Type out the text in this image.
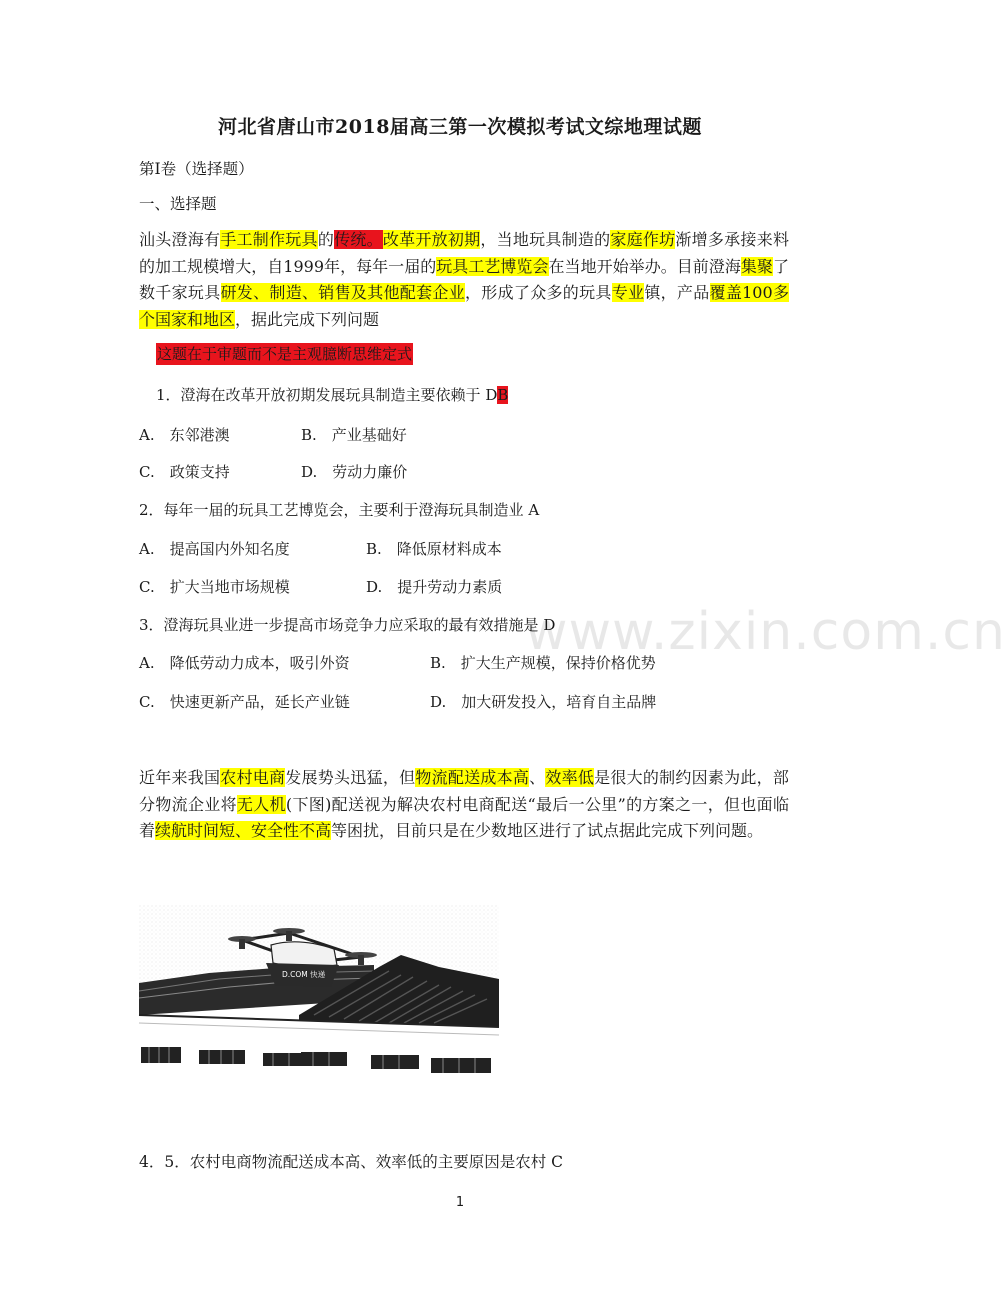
www.zixin.com.cn
河北省唐山市2018届高三第一次模拟考试文综地理试题
第Ⅰ卷（选择题）
一、选择题
汕头澄海有手工制作玩具的传统。改革开放初期，当地玩具制造的家庭作坊渐增多承接来料的加工规模增大，自1999年，每年一届的玩具工艺博览会在当地开始举办。目前澄海集聚了数千家玩具研发、制造、销售及其他配套企业，形成了众多的玩具专业镇，产品覆盖100多个国家和地区，据此完成下列问题
这题在于审题而不是主观臆断思维定式
1．澄海在改革开放初期发展玩具制造主要依赖于 DB
A.　东邻港澳	B.　产业基础好
C.　政策支持	D.　劳动力廉价
2．每年一届的玩具工艺博览会，主要利于澄海玩具制造业 A
A.　提高国内外知名度	B.　降低原材料成本
C.　扩大当地市场规模	D.　提升劳动力素质
3．澄海玩具业进一步提高市场竞争力应采取的最有效措施是 D
A.　降低劳动力成本，吸引外资	B.　扩大生产规模，保持价格优势
C.　快速更新产品，延长产业链	D.　加大研发投入，培育自主品牌
近年来我国农村电商发展势头迅猛，但物流配送成本高、效率低是很大的制约因素为此，部分物流企业将无人机(下图)配送视为解决农村电商配送“最后一公里”的方案之一，但也面临着续航时间短、安全性不高等困扰，目前只是在少数地区进行了试点据此完成下列问题。
D.COM 快递
4．5．农村电商物流配送成本高、效率低的主要原因是农村 C
1
